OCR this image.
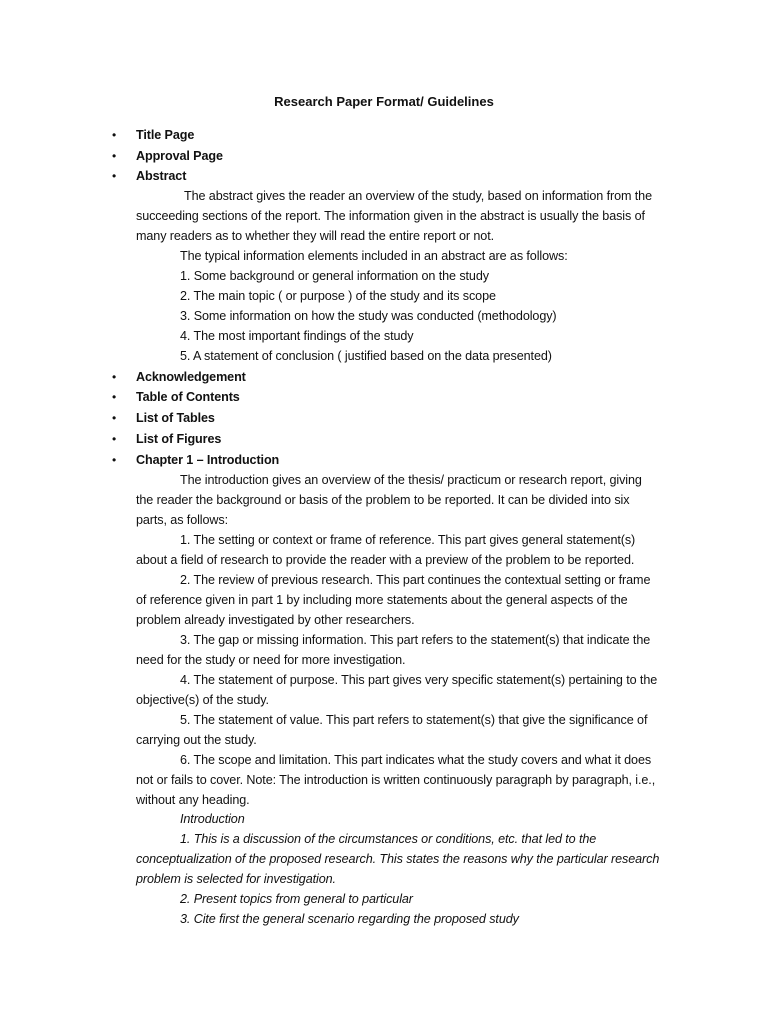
Research Paper Format/ Guidelines
• Title Page
• Approval Page
• Abstract
The abstract gives the reader an overview of the study, based on information from the
succeeding sections of the report. The information given in the abstract is usually the basis of
many readers as to whether they will read the entire report or not.
The typical information elements included in an abstract are as follows:
1. Some background or general information on the study
2. The main topic ( or purpose ) of the study and its scope
3. Some information on how the study was conducted (methodology)
4. The most important findings of the study
5. A statement of conclusion ( justified based on the data presented)
• Acknowledgement
• Table of Contents
• List of Tables
• List of Figures
• Chapter 1 – Introduction
The introduction gives an overview of the thesis/ practicum or research report, giving
the reader the background or basis of the problem to be reported. It can be divided into six
parts, as follows:
1. The setting or context or frame of reference. This part gives general statement(s)
about a field of research to provide the reader with a preview of the problem to be reported.
2. The review of previous research. This part continues the contextual setting or frame
of reference given in part 1 by including more statements about the general aspects of the
problem already investigated by other researchers.
3. The gap or missing information. This part refers to the statement(s) that indicate the
need for the study or need for more investigation.
4. The statement of purpose. This part gives very specific statement(s) pertaining to the
objective(s) of the study.
5. The statement of value. This part refers to statement(s) that give the significance of
carrying out the study.
6. The scope and limitation. This part indicates what the study covers and what it does
not or fails to cover. Note: The introduction is written continuously paragraph by paragraph, i.e.,
without any heading.
Introduction
1. This is a discussion of the circumstances or conditions, etc. that led to the
conceptualization of the proposed research. This states the reasons why the particular research
problem is selected for investigation.
2. Present topics from general to particular
3. Cite first the general scenario regarding the proposed study
